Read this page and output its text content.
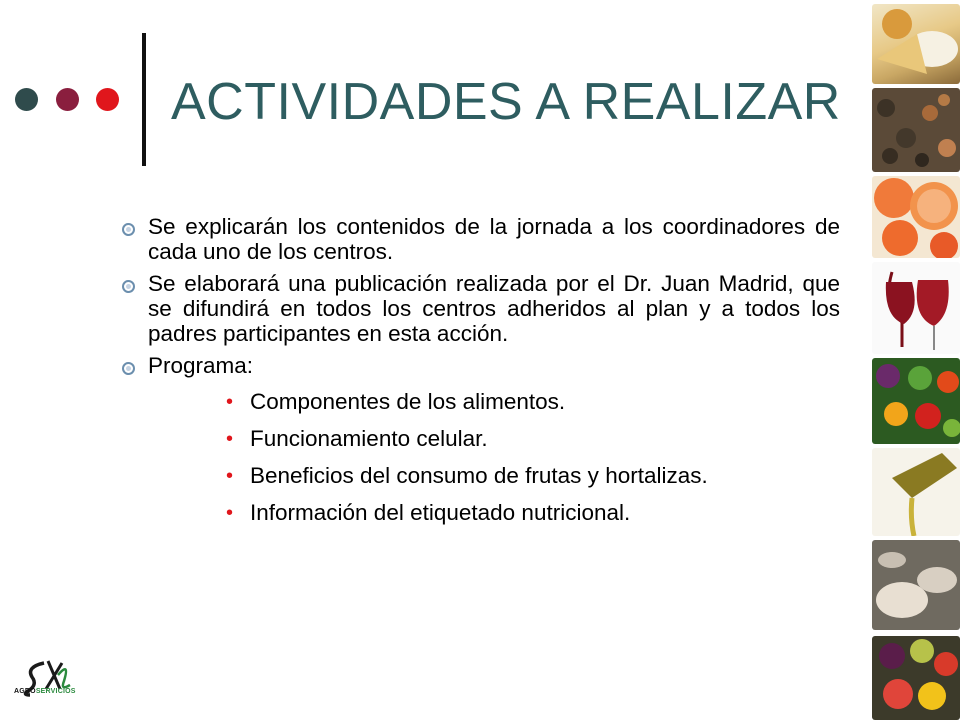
ACTIVIDADES A REALIZAR
Se explicarán los contenidos de la jornada a los coordinadores de cada uno de los centros.
Se elaborará una publicación realizada por el Dr. Juan Madrid, que se difundirá en todos los centros adheridos al plan y a todos los padres participantes en esta acción.
Programa:
• Componentes de los alimentos.
• Funcionamiento celular.
• Beneficios del consumo de frutas y hortalizas.
• Información del etiquetado nutricional.
AGROSERVICIOS
